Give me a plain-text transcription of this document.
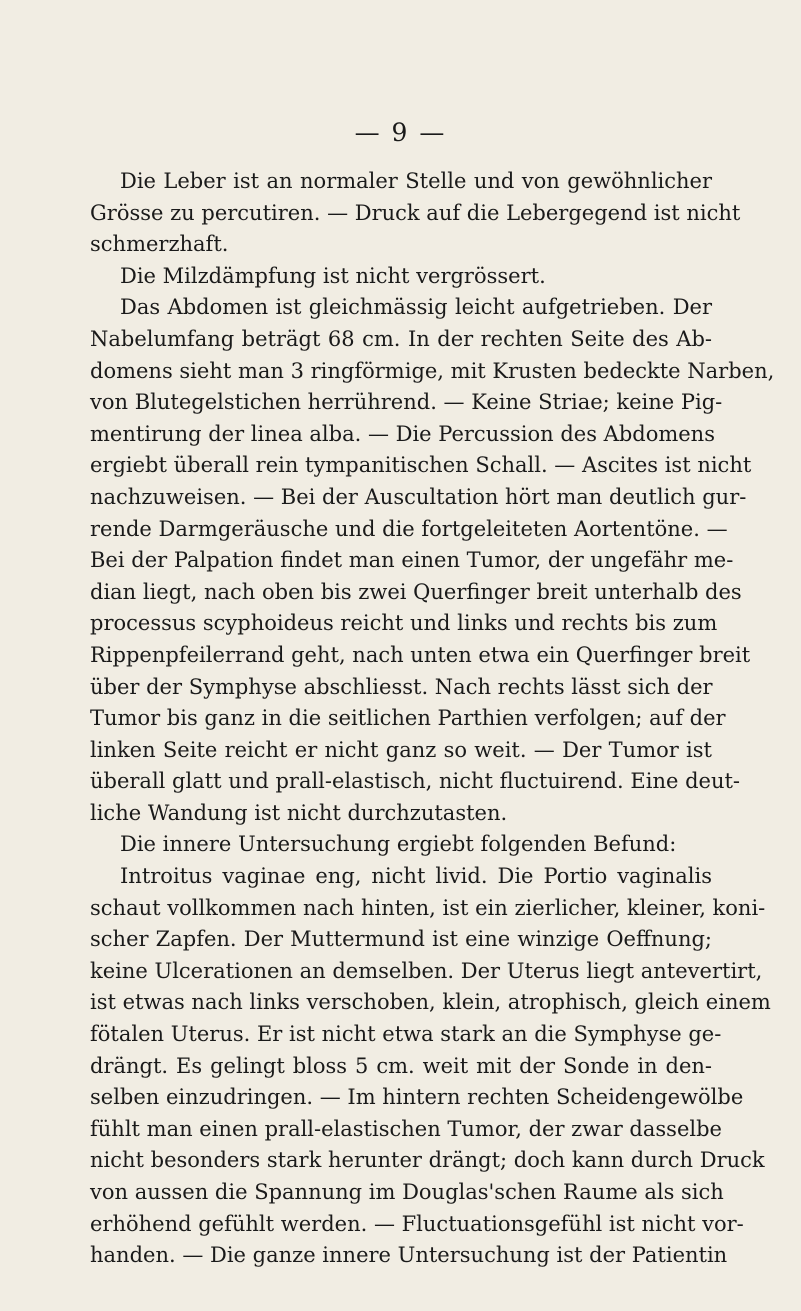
— 9 —
Die Leber ist an normaler Stelle und von gewöhnlicher
Grösse zu percutiren. — Druck auf die Lebergegend ist nicht
schmerzhaft.
Die Milzdämpfung ist nicht vergrössert.
Das Abdomen ist gleichmässig leicht aufgetrieben. Der
Nabelumfang beträgt 68 cm. In der rechten Seite des Ab-
domens sieht man 3 ringförmige, mit Krusten bedeckte Narben,
von Blutegelstichen herrührend. — Keine Striae; keine Pig-
mentirung der linea alba. — Die Percussion des Abdomens
ergiebt überall rein tympanitischen Schall. — Ascites ist nicht
nachzuweisen. — Bei der Auscultation hört man deutlich gur-
rende Darmgeräusche und die fortgeleiteten Aortentöne. —
Bei der Palpation findet man einen Tumor, der ungefähr me-
dian liegt, nach oben bis zwei Querfinger breit unterhalb des
processus scyphoideus reicht und links und rechts bis zum
Rippenpfeilerrand geht, nach unten etwa ein Querfinger breit
über der Symphyse abschliesst. Nach rechts lässt sich der
Tumor bis ganz in die seitlichen Parthien verfolgen; auf der
linken Seite reicht er nicht ganz so weit. — Der Tumor ist
überall glatt und prall-elastisch, nicht fluctuirend. Eine deut-
liche Wandung ist nicht durchzutasten.
Die innere Untersuchung ergiebt folgenden Befund:
Introitus vaginae eng, nicht livid. Die Portio vaginalis
schaut vollkommen nach hinten, ist ein zierlicher, kleiner, koni-
scher Zapfen. Der Muttermund ist eine winzige Oeffnung;
keine Ulcerationen an demselben. Der Uterus liegt antevertirt,
ist etwas nach links verschoben, klein, atrophisch, gleich einem
fötalen Uterus. Er ist nicht etwa stark an die Symphyse ge-
drängt. Es gelingt bloss 5 cm. weit mit der Sonde in den-
selben einzudringen. — Im hintern rechten Scheidengewölbe
fühlt man einen prall-elastischen Tumor, der zwar dasselbe
nicht besonders stark herunter drängt; doch kann durch Druck
von aussen die Spannung im Douglas'schen Raume als sich
erhöhend gefühlt werden. — Fluctuationsgefühl ist nicht vor-
handen. — Die ganze innere Untersuchung ist der Patientin
